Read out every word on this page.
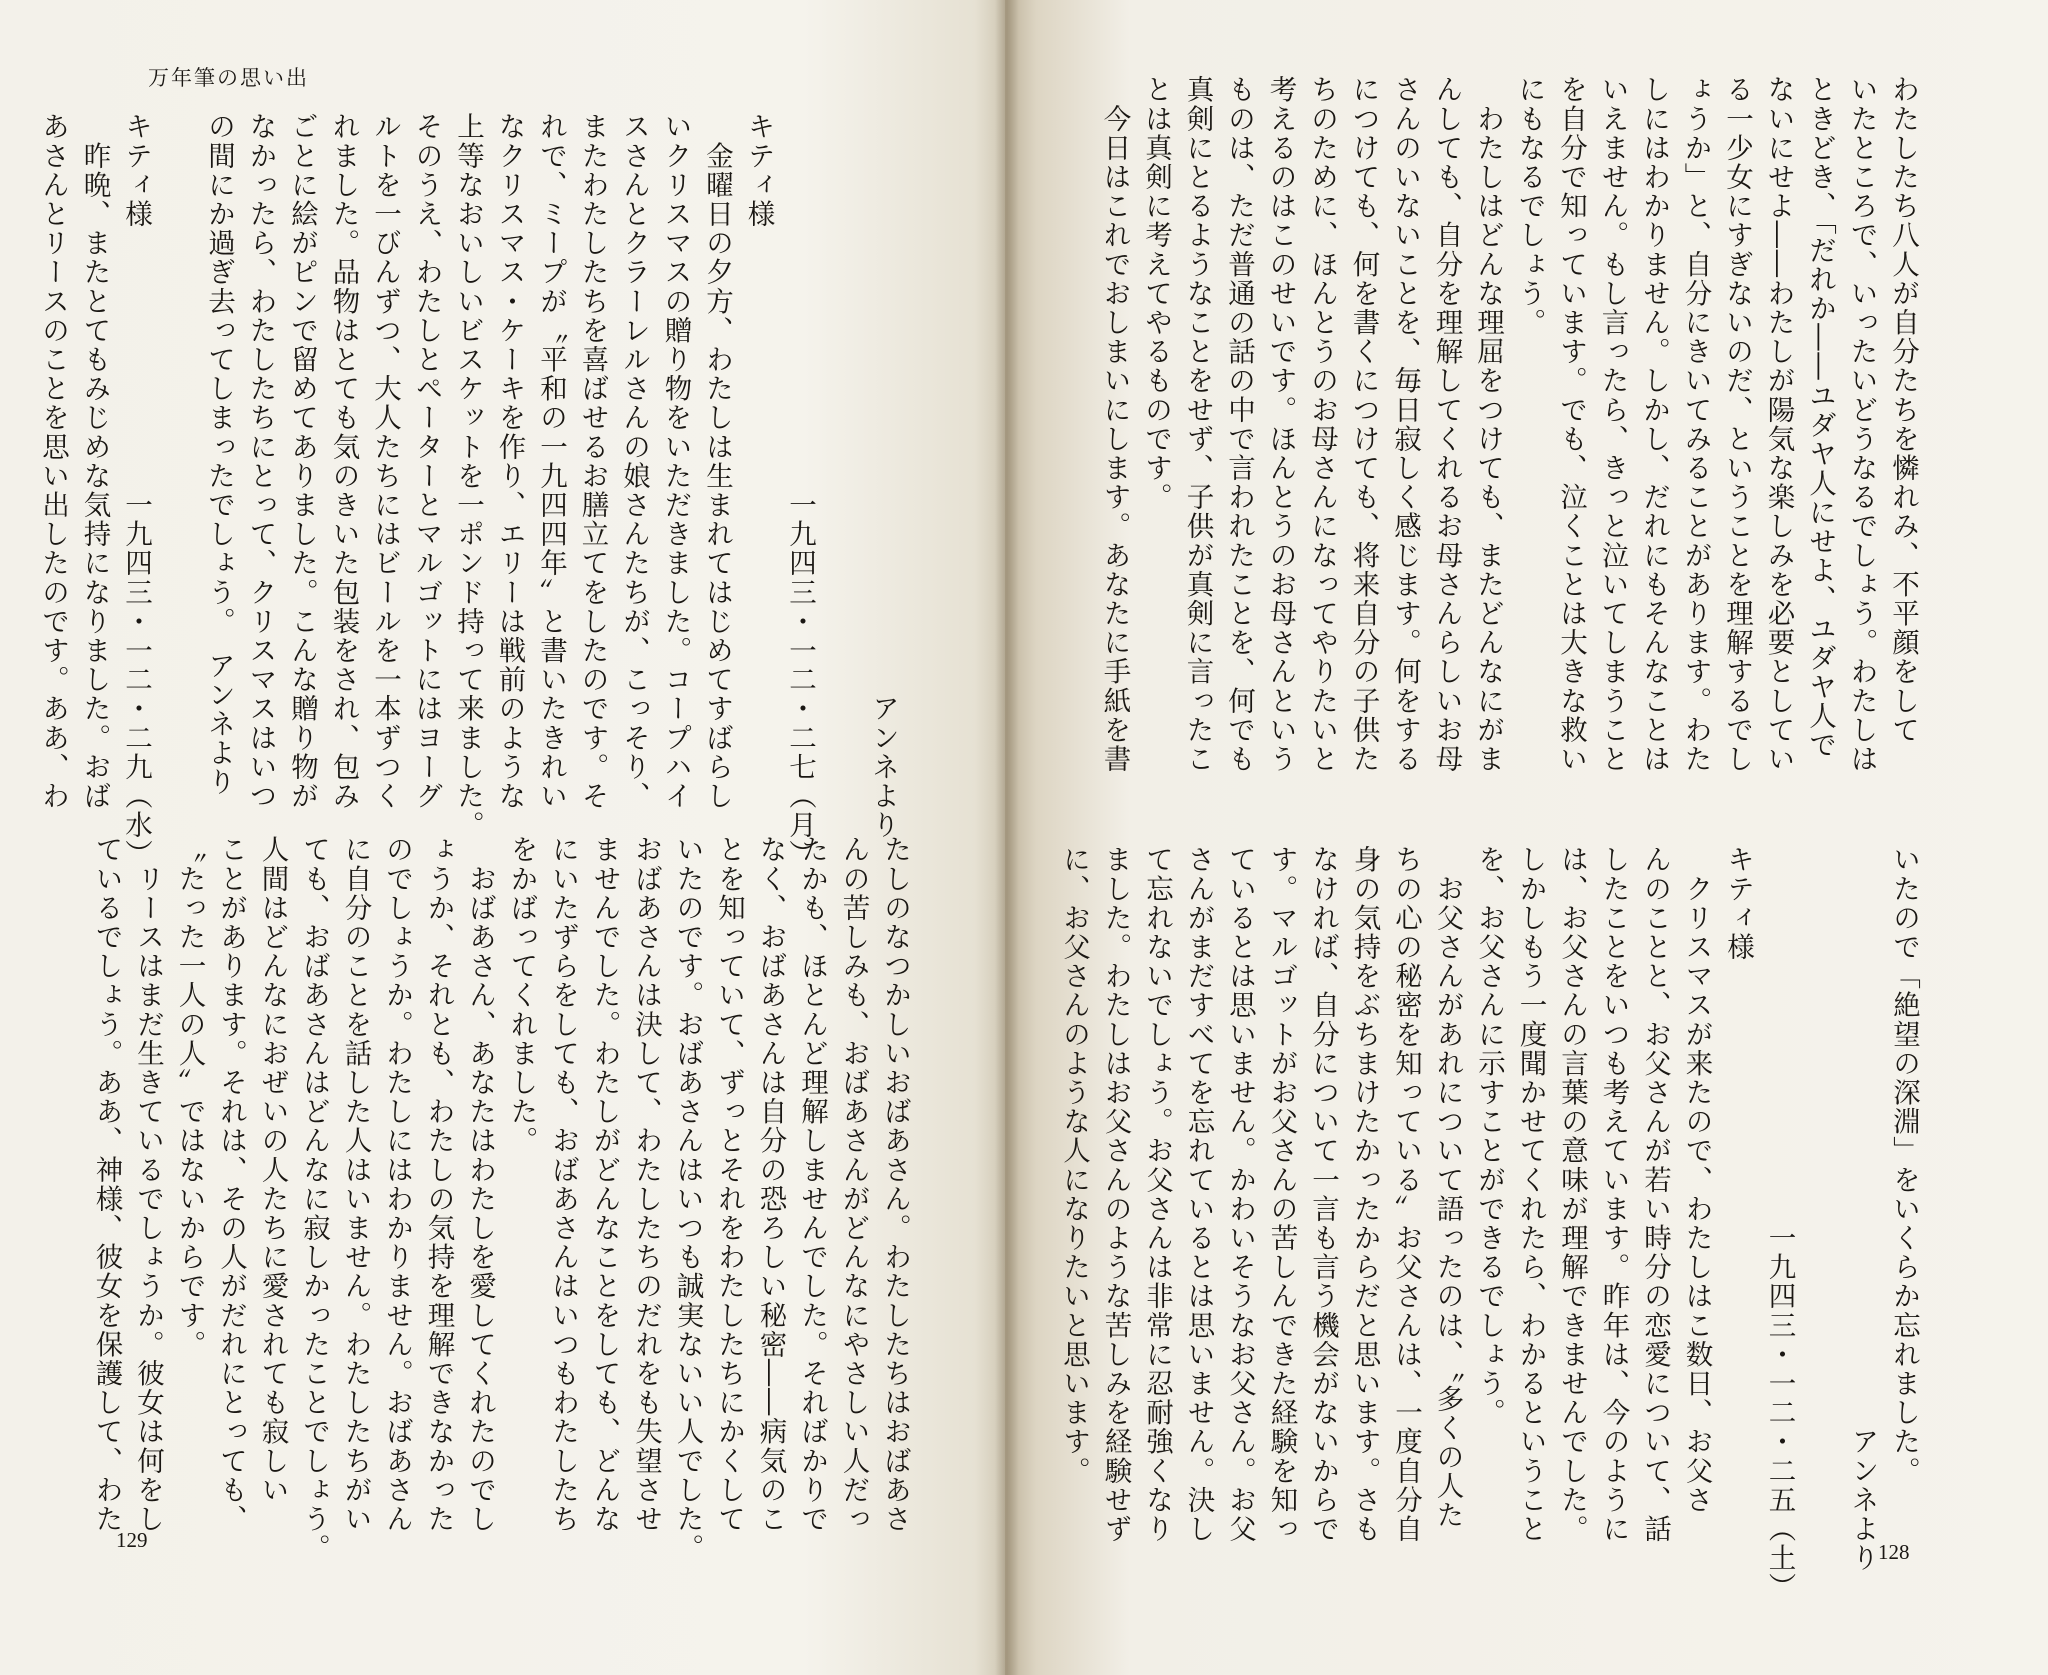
万年筆の思い出
　　　　　　　　　　　　　　　　　　　　アンネより

　　　　　　　　　　　　　一九四三・一二・二七（月）
キティ様
　金曜日の夕方、わたしは生まれてはじめてすばらし
いクリスマスの贈り物をいただきました。コープハイ
スさんとクラーレルさんの娘さんたちが、こっそり、
またわたしたちを喜ばせるお膳立てをしたのです。そ
れで、ミープが〝平和の一九四四年〟と書いたきれい
なクリスマス・ケーキを作り、エリーは戦前のような
上等なおいしいビスケットを一ポンド持って来ました。
そのうえ、わたしとペーターとマルゴットにはヨーグ
ルトを一びんずつ、大人たちにはビールを一本ずつく
れました。品物はとても気のきいた包装をされ、包み
ごとに絵がピンで留めてありました。こんな贈り物が
なかったら、わたしたちにとって、クリスマスはいつ
の間にか過ぎ去ってしまったでしょう。　アンネより

キティ様　　　　　　　　　一九四三・一二・二九（水）
　昨晩、またとてもみじめな気持になりました。おば
あさんとリースのことを思い出したのです。ああ、わ
たしのなつかしいおばあさん。わたしたちはおばあさ
んの苦しみも、おばあさんがどんなにやさしい人だっ
たかも、ほとんど理解しませんでした。そればかりで
なく、おばあさんは自分の恐ろしい秘密――病気のこ
とを知っていて、ずっとそれをわたしたちにかくして
いたのです。おばあさんはいつも誠実ないい人でした。
おばあさんは決して、わたしたちのだれをも失望させ
ませんでした。わたしがどんなことをしても、どんな
にいたずらをしても、おばあさんはいつもわたしたち
をかばってくれました。
　おばあさん、あなたはわたしを愛してくれたのでし
ょうか、それとも、わたしの気持を理解できなかった
のでしょうか。わたしにはわかりません。おばあさん
に自分のことを話した人はいません。わたしたちがい
ても、おばあさんはどんなに寂しかったことでしょう。
人間はどんなにおぜいの人たちに愛されても寂しい
ことがあります。それは、その人がだれにとっても、
〝たった一人の人〟ではないからです。
　リースはまだ生きているでしょうか。彼女は何をし
ているでしょう。ああ、神様、彼女を保護して、わた
129
わたしたち八人が自分たちを憐れみ、不平顔をして
いたところで、いったいどうなるでしょう。わたしは
ときどき、「だれか――ユダヤ人にせよ、ユダヤ人で
ないにせよ――わたしが陽気な楽しみを必要としてい
る一少女にすぎないのだ、ということを理解するでし
ょうか」と、自分にきいてみることがあります。わた
しにはわかりません。しかし、だれにもそんなことは
いえません。もし言ったら、きっと泣いてしまうこと
を自分で知っています。でも、泣くことは大きな救い
にもなるでしょう。
　わたしはどんな理屈をつけても、またどんなにがま
んしても、自分を理解してくれるお母さんらしいお母
さんのいないことを、毎日寂しく感じます。何をする
につけても、何を書くにつけても、将来自分の子供た
ちのために、ほんとうのお母さんになってやりたいと
考えるのはこのせいです。ほんとうのお母さんという
ものは、ただ普通の話の中で言われたことを、何でも
真剣にとるようなことをせず、子供が真剣に言ったこ
とは真剣に考えてやるものです。
　今日はこれでおしまいにします。あなたに手紙を書
いたので「絶望の深淵」をいくらか忘れました。

　　　　　　　　　　　　　一九四三・一二・二五（土）
キティ様
　クリスマスが来たので、わたしはこ数日、お父さ
んのことと、お父さんが若い時分の恋愛について、話
したことをいつも考えています。昨年は、今のように
は、お父さんの言葉の意味が理解できませんでした。
しかしもう一度聞かせてくれたら、わかるということ
を、お父さんに示すことができるでしょう。
　お父さんがあれについて語ったのは、〝多くの人た
ちの心の秘密を知っている〟お父さんは、一度自分自
身の気持をぶちまけたかったからだと思います。さも
なければ、自分について一言も言う機会がないからで
す。マルゴットがお父さんの苦しんできた経験を知っ
ているとは思いません。かわいそうなお父さん。お父
さんがまだすべてを忘れているとは思いません。決し
て忘れないでしょう。お父さんは非常に忍耐強くなり
ました。わたしはお父さんのような苦しみを経験せず
に、お父さんのような人になりたいと思います。
128
